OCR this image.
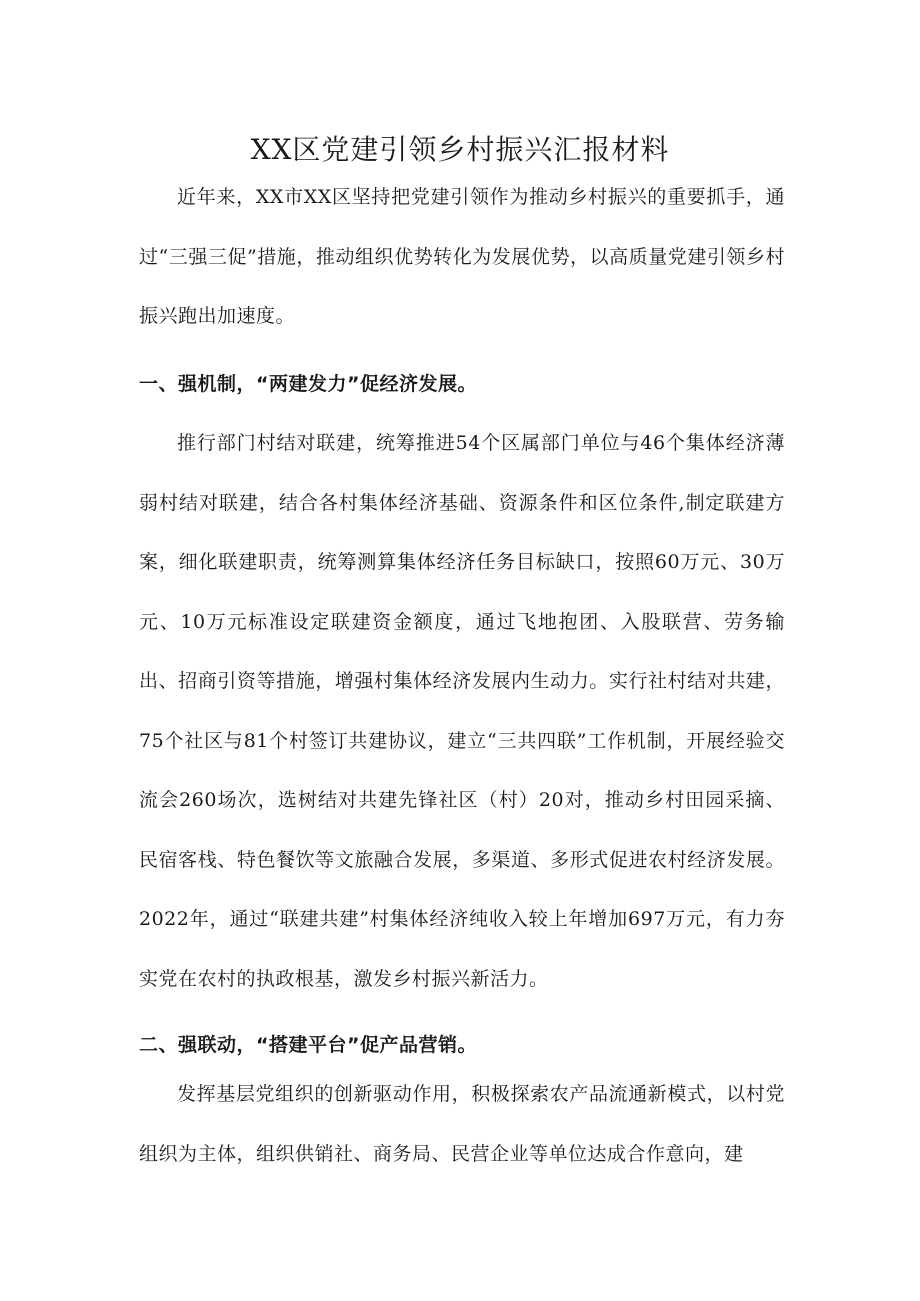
XX区党建引领乡村振兴汇报材料

近年来，XX市XX区坚持把党建引领作为推动乡村振兴的重要抓手，通过“三强三促”措施，推动组织优势转化为发展优势，以高质量党建引领乡村振兴跑出加速度。

一、强机制，“两建发力”促经济发展。

推行部门村结对联建，统筹推进54个区属部门单位与46个集体经济薄弱村结对联建，结合各村集体经济基础、资源条件和区位条件,制定联建方案，细化联建职责，统筹测算集体经济任务目标缺口，按照60万元、30万元、10万元标准设定联建资金额度，通过飞地抱团、入股联营、劳务输出、招商引资等措施，增强村集体经济发展内生动力。实行社村结对共建，75个社区与81个村签订共建协议，建立“三共四联”工作机制，开展经验交流会260场次，选树结对共建先锋社区（村）20对，推动乡村田园采摘、民宿客栈、特色餐饮等文旅融合发展，多渠道、多形式促进农村经济发展。2022年，通过“联建共建”村集体经济纯收入较上年增加697万元，有力夯实党在农村的执政根基，激发乡村振兴新活力。

二、强联动，“搭建平台”促产品营销。

发挥基层党组织的创新驱动作用，积极探索农产品流通新模式，以村党组织为主体，组织供销社、商务局、民营企业等单位达成合作意向，建
